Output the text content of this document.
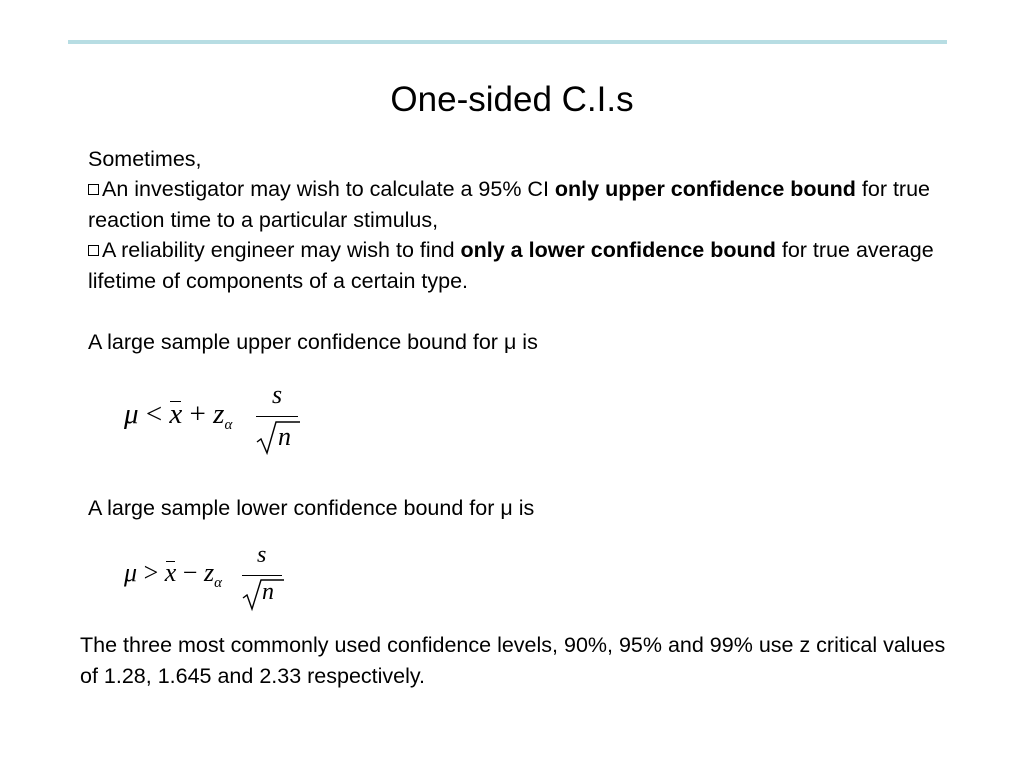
One-sided C.I.s
Sometimes,
An investigator may wish to calculate a 95% CI only upper confidence bound for true reaction time to a particular stimulus,
A reliability engineer may wish to find only a lower confidence bound for true average lifetime of components of a certain type.
A large sample upper confidence bound for μ is
$\mu < x + z_\alpha$
s
n
A large sample lower confidence bound for μ is
$\mu > x - z_\alpha$
s
n
The three most commonly used confidence levels, 90%, 95% and 99% use z critical values of 1.28, 1.645 and 2.33 respectively.
